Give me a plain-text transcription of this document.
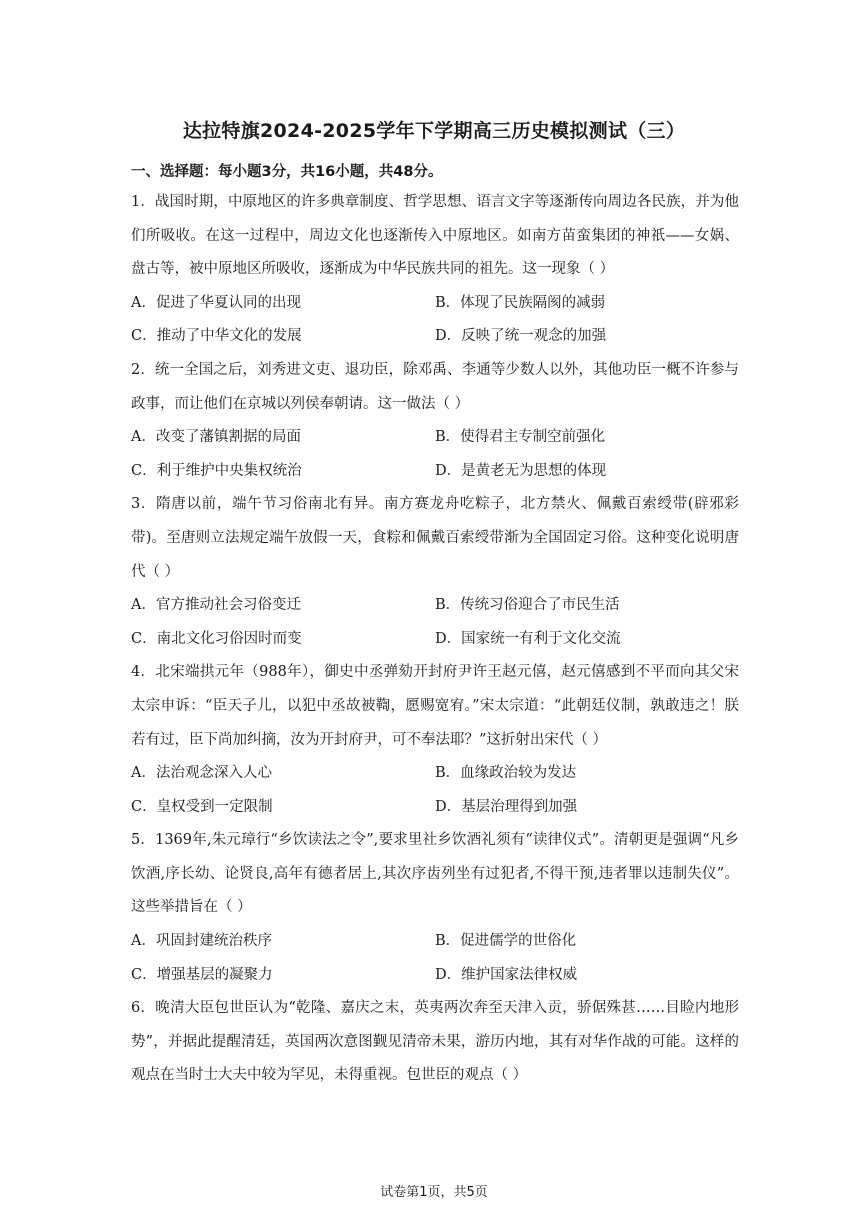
达拉特旗2024-2025学年下学期高三历史模拟测试（三）

一、选择题：每小题3分，共16小题，共48分。

1．战国时期，中原地区的许多典章制度、哲学思想、语言文字等逐渐传向周边各民族，并为他们所吸收。在这一过程中，周边文化也逐渐传入中原地区。如南方苗蛮集团的神祇——女娲、盘古等，被中原地区所吸收，逐渐成为中华民族共同的祖先。这一现象（ ）

A．促进了华夏认同的出现	B．体现了民族隔阂的减弱
C．推动了中华文化的发展	D．反映了统一观念的加强

2．统一全国之后，刘秀进文吏、退功臣，除邓禹、李通等少数人以外，其他功臣一概不许参与政事，而让他们在京城以列侯奉朝请。这一做法（ ）

A．改变了藩镇割据的局面	B．使得君主专制空前强化
C．利于维护中央集权统治	D．是黄老无为思想的体现

3．隋唐以前，端午节习俗南北有异。南方赛龙舟吃粽子，北方禁火、佩戴百索绶带(辟邪彩带)。至唐则立法规定端午放假一天，食粽和佩戴百索绶带渐为全国固定习俗。这种变化说明唐代（ ）

A．官方推动社会习俗变迁	B．传统习俗迎合了市民生活
C．南北文化习俗因时而变	D．国家统一有利于文化交流

4．北宋端拱元年（988年），御史中丞弹劾开封府尹许王赵元僖，赵元僖感到不平而向其父宋太宗申诉：“臣天子儿，以犯中丞故被鞫，愿赐宽宥。”宋太宗道：“此朝廷仪制，孰敢违之！朕若有过，臣下尚加纠摘，汝为开封府尹，可不奉法耶？”这折射出宋代（ ）

A．法治观念深入人心	B．血缘政治较为发达
C．皇权受到一定限制	D．基层治理得到加强

5．1369年,朱元璋行“乡饮读法之令”,要求里社乡饮酒礼须有“读律仪式”。清朝更是强调“凡乡饮酒,序长幼、论贤良,高年有德者居上,其次序齿列坐有过犯者,不得干预,违者罪以违制失仪”。这些举措旨在（ ）

A．巩固封建统治秩序	B．促进儒学的世俗化
C．增强基层的凝聚力	D．维护国家法律权威

6．晚清大臣包世臣认为“乾隆、嘉庆之末，英夷两次奔至天津入贡，骄倨殊甚……目睑内地形势”，并据此提醒清廷，英国两次意图觐见清帝未果，游历内地，其有对华作战的可能。这样的观点在当时士大夫中较为罕见，未得重视。包世臣的观点（ ）

试卷第1页，共5页
